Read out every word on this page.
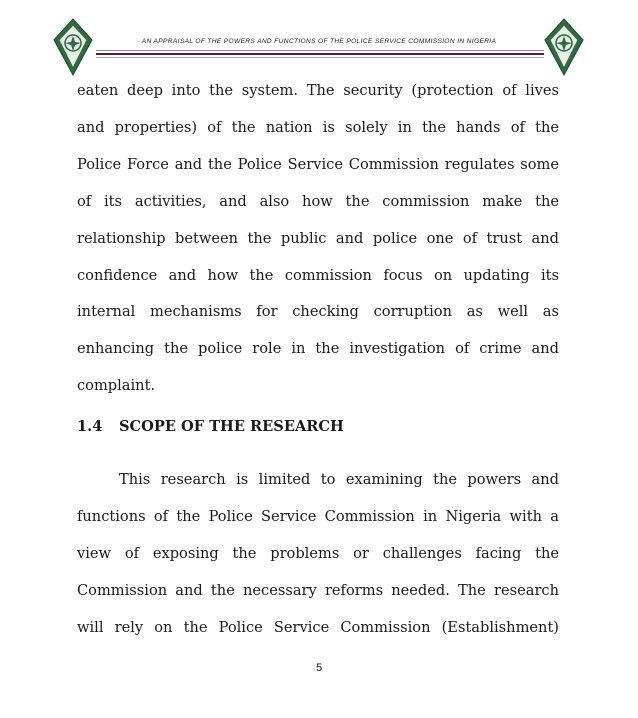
AN APPRAISAL OF THE POWERS AND FUNCTIONS OF THE POLICE SERVICE COMMISSION IN NIGERIA

eaten deep into the system. The security (protection of lives
and properties) of the nation is solely in the hands of the
Police Force and the Police Service Commission regulates some
of its activities, and also how the commission make the
relationship between the public and police one of trust and
confidence and how the commission focus on updating its
internal mechanisms for checking corruption as well as
enhancing the police role in the investigation of crime and
complaint.

1.4 SCOPE OF THE RESEARCH

This research is limited to examining the powers and
functions of the Police Service Commission in Nigeria with a
view of exposing the problems or challenges facing the
Commission and the necessary reforms needed. The research
will rely on the Police Service Commission (Establishment)

5
